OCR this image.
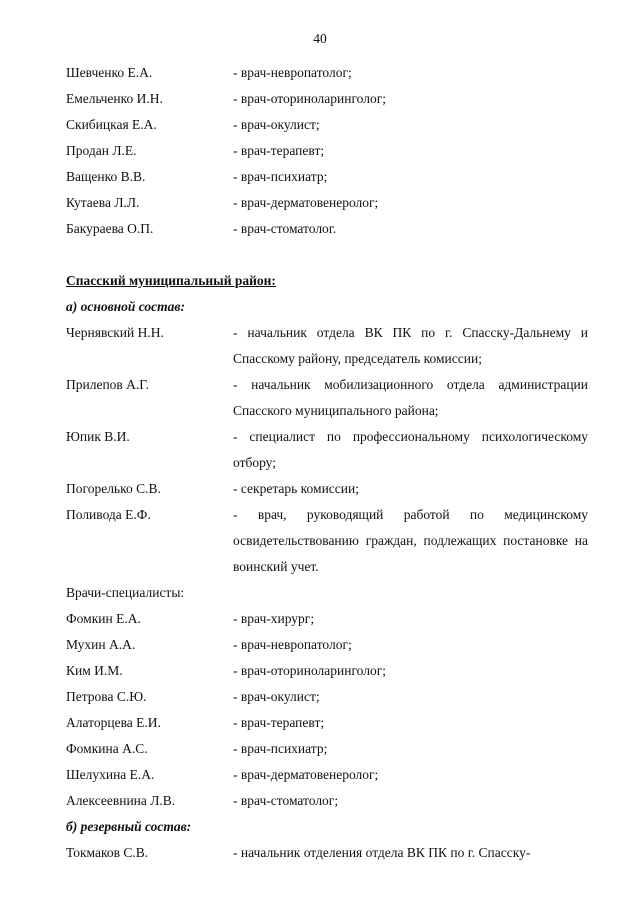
40
Шевченко Е.А.	- врач-невропатолог;
Емельченко И.Н.	- врач-оториноларинголог;
Скибицкая Е.А.	- врач-окулист;
Продан Л.Е.	- врач-терапевт;
Ващенко В.В.	- врач-психиатр;
Кутаева Л.Л.	- врач-дерматовенеролог;
Бакураева О.П.	- врач-стоматолог.
Спасский муниципальный район:
а) основной состав:
Чернявский Н.Н.	- начальник отдела ВК ПК по г. Спасску-Дальнему и Спасскому району, председатель комиссии;
Прилепов А.Г.	- начальник мобилизационного отдела администрации Спасского муниципального района;
Юпик В.И.	- специалист по профессиональному психологическому отбору;
Погорелько С.В.	- секретарь комиссии;
Поливода Е.Ф.	- врач, руководящий работой по медицинскому освидетельствованию граждан, подлежащих постановке на воинский учет.
Врачи-специалисты:
Фомкин Е.А.	- врач-хирург;
Мухин А.А.	- врач-невропатолог;
Ким И.М.	- врач-оториноларинголог;
Петрова С.Ю.	- врач-окулист;
Алаторцева Е.И.	- врач-терапевт;
Фомкина А.С.	- врач-психиатр;
Шелухина Е.А.	- врач-дерматовенеролог;
Алексеевнина Л.В.	- врач-стоматолог;
б) резервный состав:
Токмаков С.В.	- начальник отделения отдела ВК ПК по г. Спасску-
